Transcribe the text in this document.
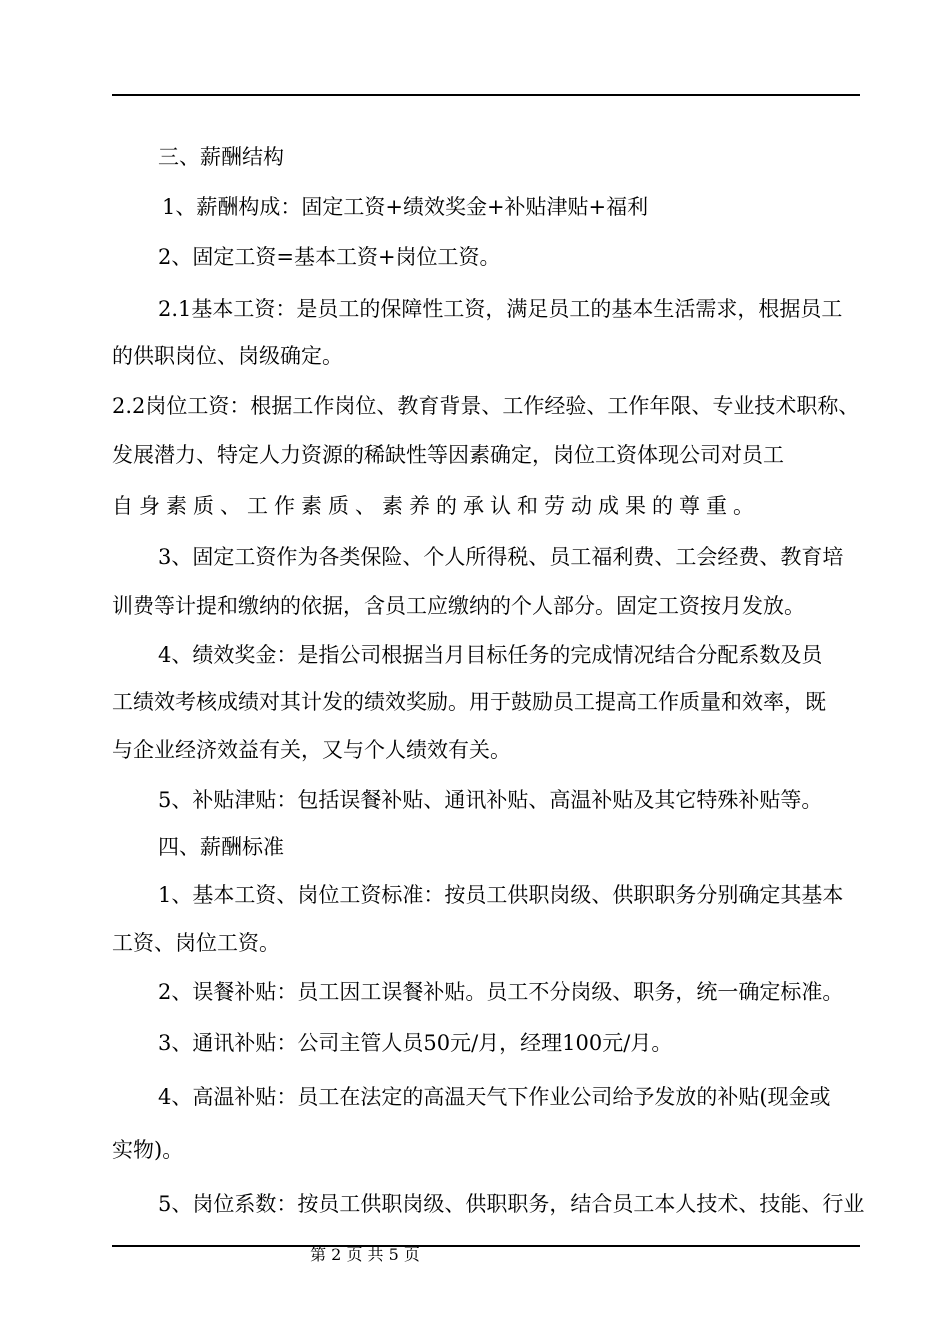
三、薪酬结构
1、薪酬构成：固定工资+绩效奖金+补贴津贴+福利
2、固定工资=基本工资+岗位工资。
2.1基本工资：是员工的保障性工资，满足员工的基本生活需求，根据员工
的供职岗位、岗级确定。
2.2岗位工资：根据工作岗位、教育背景、工作经验、工作年限、专业技术职称、
发展潜力、特定人力资源的稀缺性等因素确定，岗位工资体现公司对员工
自身素质、工作素质、素养的承认和劳动成果的尊重。
3、固定工资作为各类保险、个人所得税、员工福利费、工会经费、教育培
训费等计提和缴纳的依据，含员工应缴纳的个人部分。固定工资按月发放。
4、绩效奖金：是指公司根据当月目标任务的完成情况结合分配系数及员
工绩效考核成绩对其计发的绩效奖励。用于鼓励员工提高工作质量和效率，既
与企业经济效益有关，又与个人绩效有关。
5、补贴津贴：包括误餐补贴、通讯补贴、高温补贴及其它特殊补贴等。
四、薪酬标准
1、基本工资、岗位工资标准：按员工供职岗级、供职职务分别确定其基本
工资、岗位工资。
2、误餐补贴：员工因工误餐补贴。员工不分岗级、职务，统一确定标准。
3、通讯补贴：公司主管人员50元/月，经理100元/月。
4、高温补贴：员工在法定的高温天气下作业公司给予发放的补贴(现金或
实物)。
5、岗位系数：按员工供职岗级、供职职务，结合员工本人技术、技能、行业
第 2 页 共 5 页
